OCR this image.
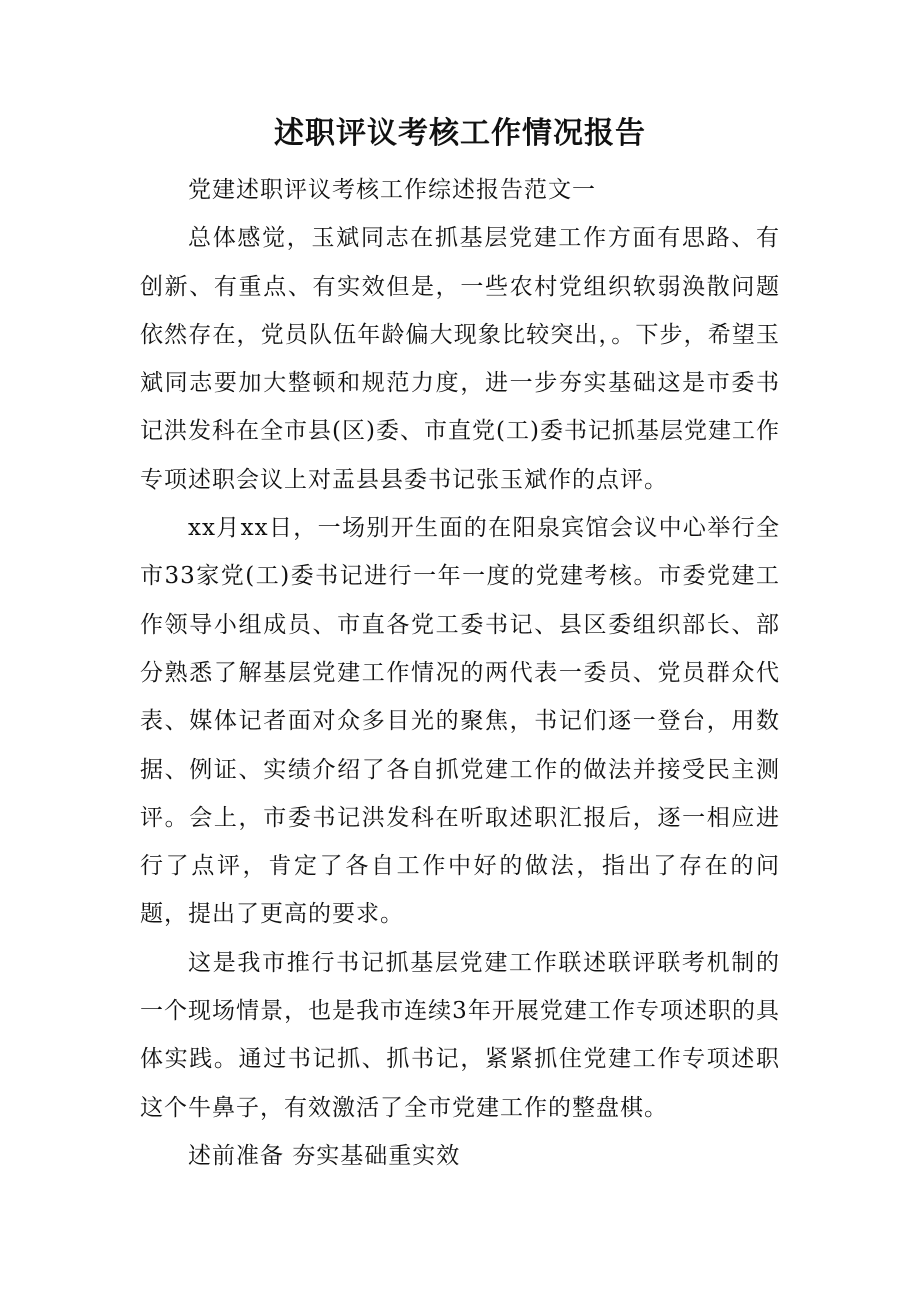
述职评议考核工作情况报告

党建述职评议考核工作综述报告范文一

总体感觉，玉斌同志在抓基层党建工作方面有思路、有创新、有重点、有实效但是，一些农村党组织软弱涣散问题依然存在，党员队伍年龄偏大现象比较突出，。下步，希望玉斌同志要加大整顿和规范力度，进一步夯实基础这是市委书记洪发科在全市县(区)委、市直党(工)委书记抓基层党建工作专项述职会议上对盂县县委书记张玉斌作的点评。

xx月xx日，一场别开生面的在阳泉宾馆会议中心举行全市33家党(工)委书记进行一年一度的党建考核。市委党建工作领导小组成员、市直各党工委书记、县区委组织部长、部分熟悉了解基层党建工作情况的两代表一委员、党员群众代表、媒体记者面对众多目光的聚焦，书记们逐一登台，用数据、例证、实绩介绍了各自抓党建工作的做法并接受民主测评。会上，市委书记洪发科在听取述职汇报后，逐一相应进行了点评，肯定了各自工作中好的做法，指出了存在的问题，提出了更高的要求。

这是我市推行书记抓基层党建工作联述联评联考机制的一个现场情景，也是我市连续3年开展党建工作专项述职的具体实践。通过书记抓、抓书记，紧紧抓住党建工作专项述职这个牛鼻子，有效激活了全市党建工作的整盘棋。

述前准备 夯实基础重实效
